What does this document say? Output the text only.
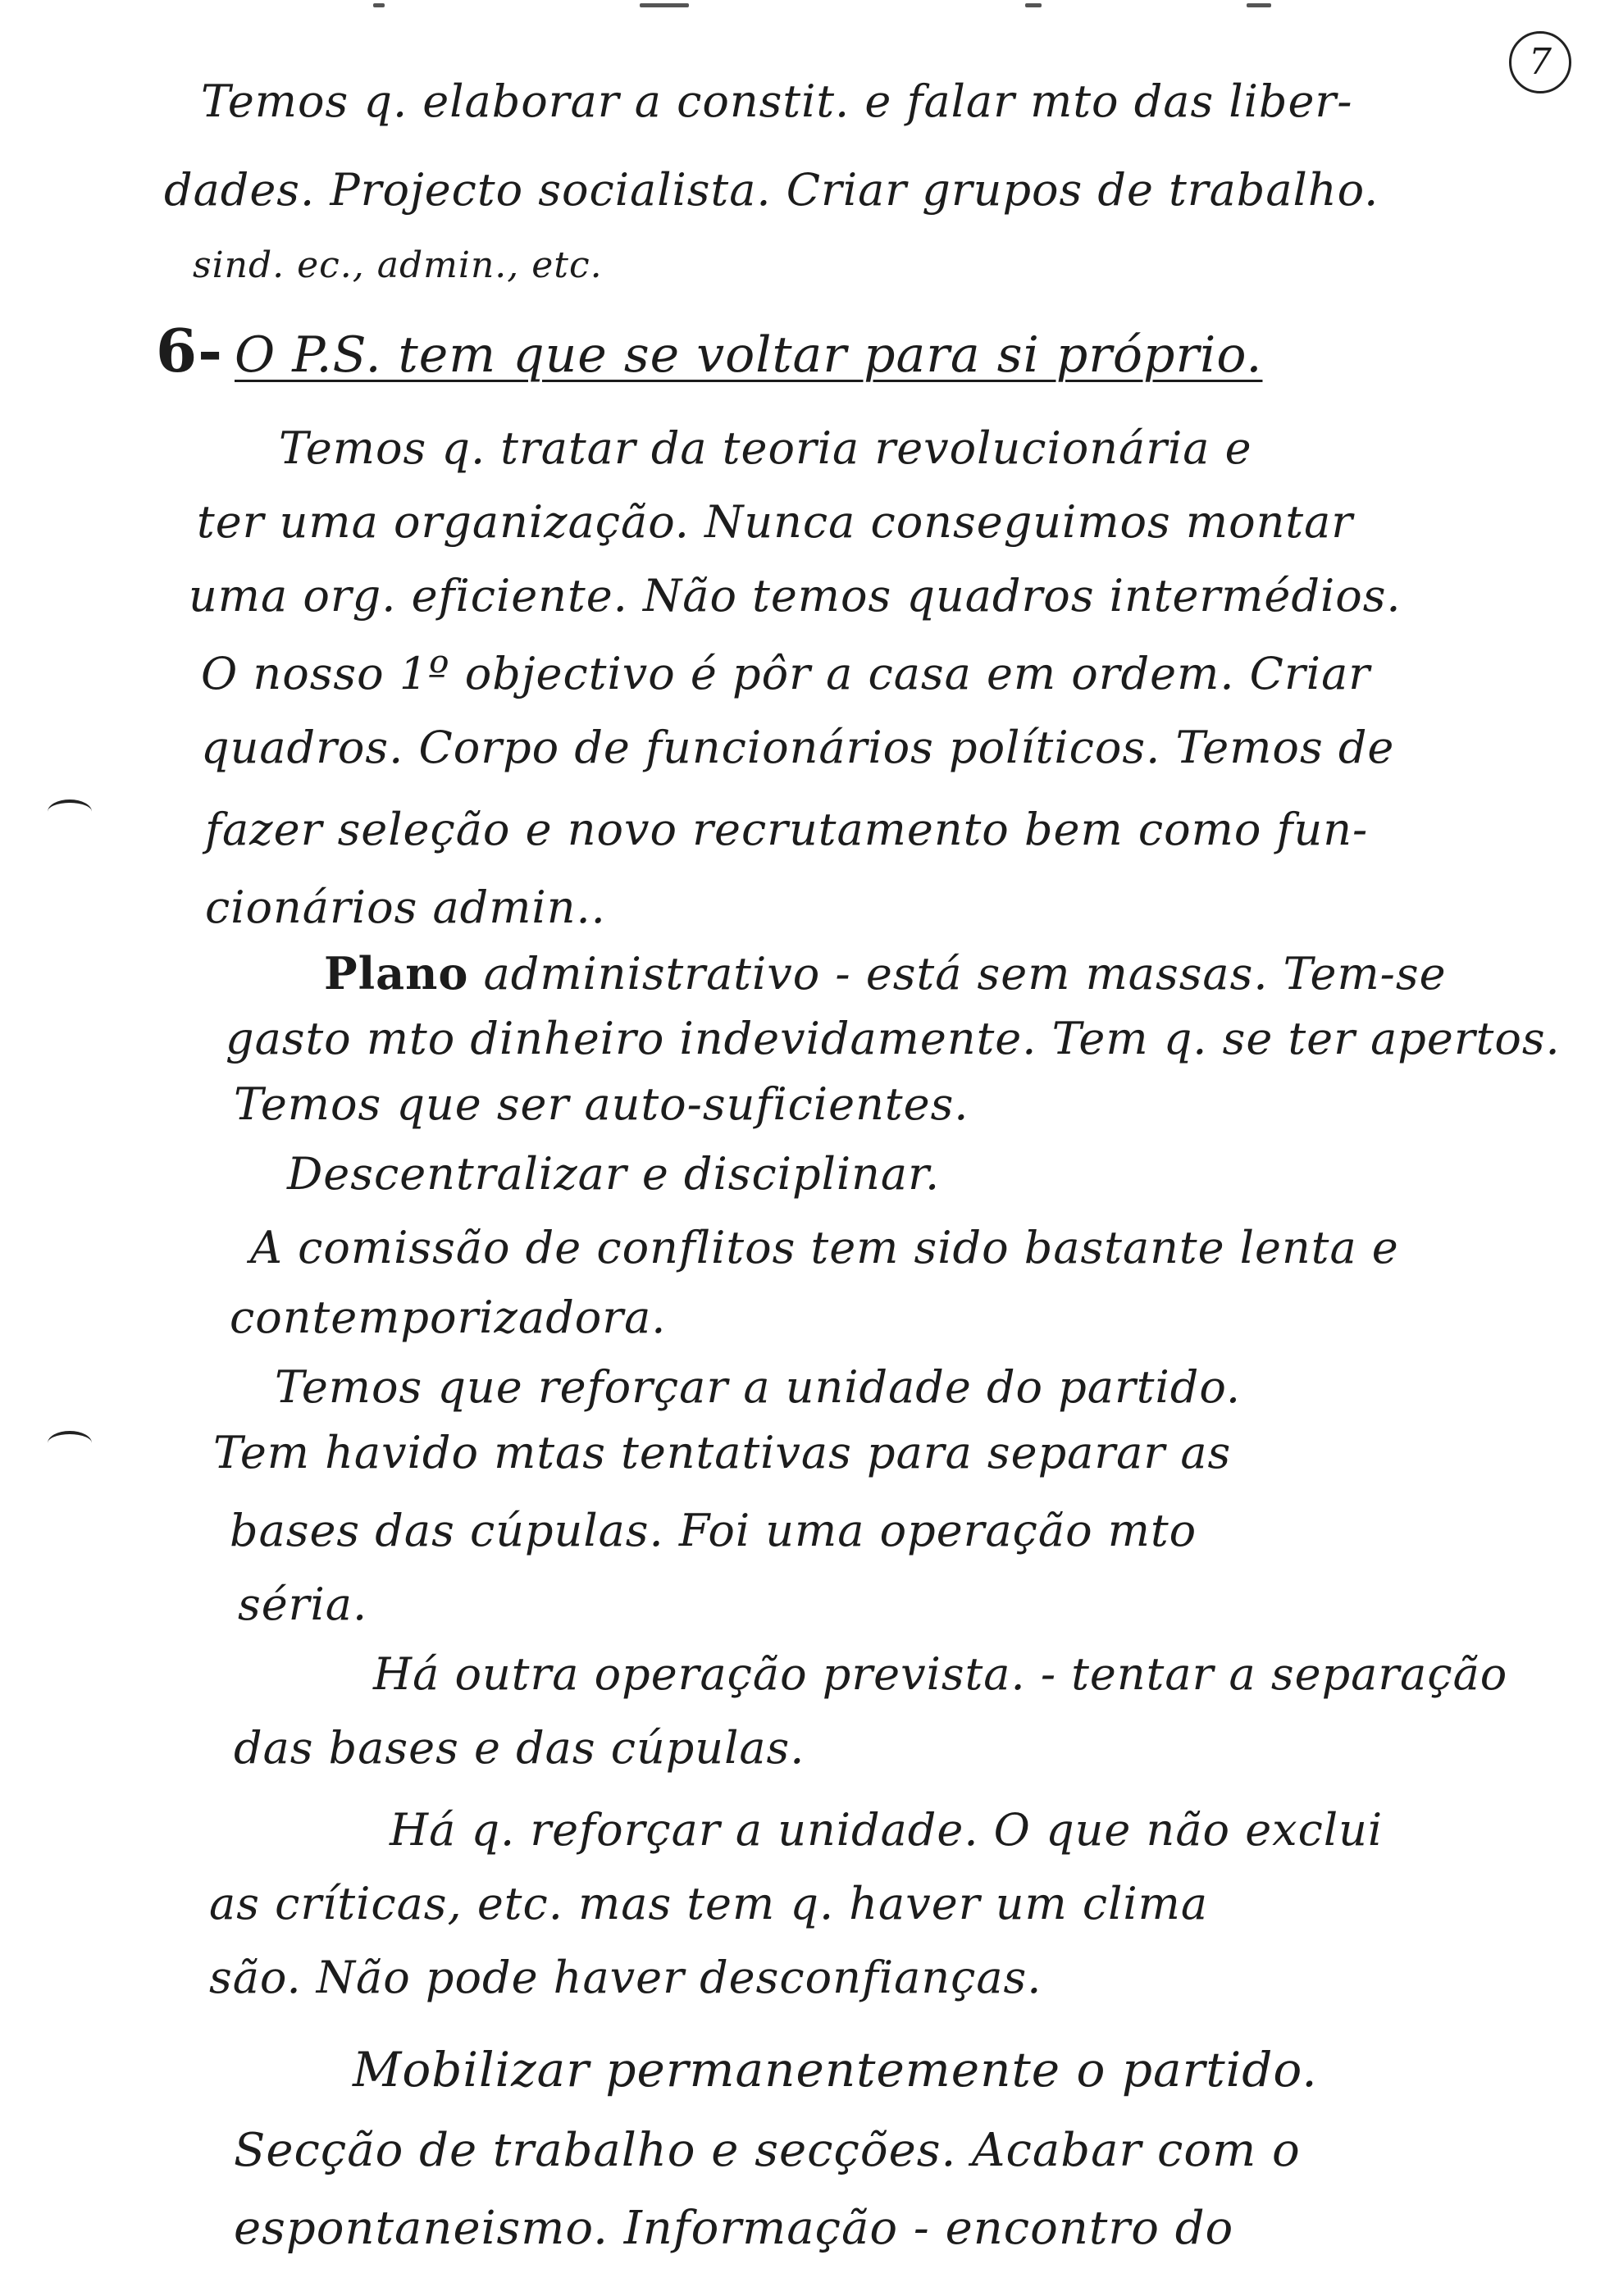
7
Temos q. elaborar a constit. e falar mto das liber-
dades. Projecto socialista. Criar grupos de trabalho.
sind. ec., admin., etc.
6- O P.S. tem que se voltar para si próprio.
Temos q. tratar da teoria revolucionária e
ter uma organização. Nunca conseguimos montar
uma org. eficiente. Não temos quadros intermédios.
O nosso 1º objectivo é pôr a casa em ordem. Criar
quadros. Corpo de funcionários políticos. Temos de
fazer seleção e novo recrutamento bem como fun-
cionários admin..
Plano administrativo - está sem massas. Tem-se
gasto mto dinheiro indevidamente. Tem q. se ter apertos.
Temos que ser auto-suficientes.
Descentralizar e disciplinar.
A comissão de conflitos tem sido bastante lenta e
contemporizadora.
Temos que reforçar a unidade do partido.
Tem havido mtas tentativas para separar as
bases das cúpulas. Foi uma operação mto
séria.
Há outra operação prevista. - tentar a separação
das bases e das cúpulas.
Há q. reforçar a unidade. O que não exclui
as críticas, etc. mas tem q. haver um clima
são. Não pode haver desconfianças.
Mobilizar permanentemente o partido.
Secção de trabalho e secções. Acabar com o
espontaneismo. Informação - encontro do
